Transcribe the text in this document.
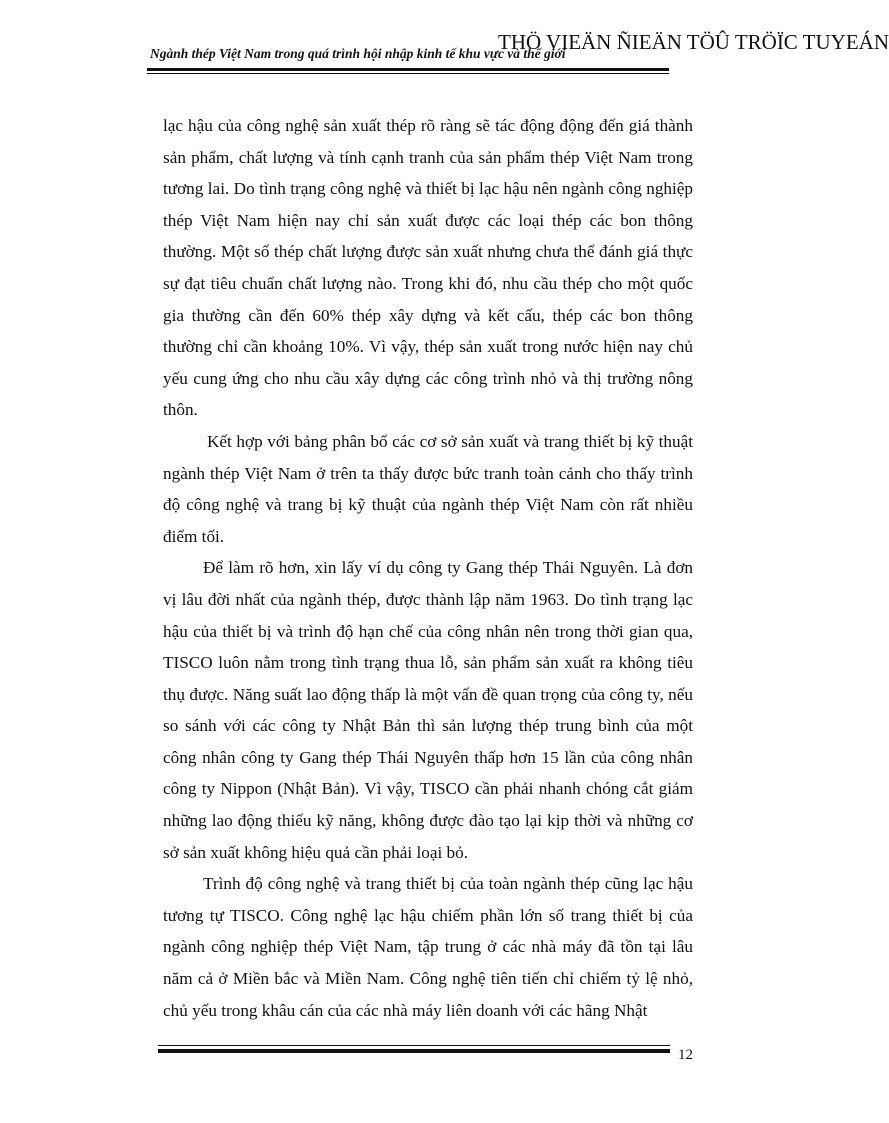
THÖ VIEÄN ÑIEÄN TÖÛ TRÖÏC TUYEÁN
Ngành thép Việt Nam trong quá trình hội nhập kinh tế khu vực và thế giới

lạc hậu của công nghệ sản xuất thép rõ ràng sẽ tác động động đến giá thành sản phẩm, chất lượng và tính cạnh tranh của sản phẩm thép Việt Nam trong tương lai. Do tình trạng công nghệ và thiết bị lạc hậu nên ngành công nghiệp thép Việt Nam hiện nay chỉ sản xuất được các loại thép các bon thông thường. Một số thép chất lượng được sản xuất nhưng chưa thể đánh giá thực sự đạt tiêu chuẩn chất lượng nào. Trong khi đó, nhu cầu thép cho một quốc gia thường cần đến 60% thép xây dựng và kết cấu, thép các bon thông thường chỉ cần khoảng 10%. Vì vậy, thép sản xuất trong nước hiện nay chủ yếu cung ứng cho nhu cầu xây dựng các công trình nhỏ và thị trường nông thôn.

Kết hợp với bảng phân bổ các cơ sở sản xuất và trang thiết bị kỹ thuật ngành thép Việt Nam ở trên ta thấy được bức tranh toàn cảnh cho thấy trình độ công nghệ và trang bị kỹ thuật của ngành thép Việt Nam còn rất nhiều điểm tối.

Để làm rõ hơn, xin lấy ví dụ công ty Gang thép Thái Nguyên. Là đơn vị lâu đời nhất của ngành thép, được thành lập năm 1963. Do tình trạng lạc hậu của thiết bị và trình độ hạn chế của công nhân nên trong thời gian qua, TISCO luôn nằm trong tình trạng thua lỗ, sản phẩm sản xuất ra không tiêu thụ được. Năng suất lao động thấp là một vấn đề quan trọng của công ty, nếu so sánh với các công ty Nhật Bản thì sản lượng thép trung bình của một công nhân công ty Gang thép Thái Nguyên thấp hơn 15 lần của công nhân công ty Nippon (Nhật Bản). Vì vậy, TISCO cần phải nhanh chóng cắt giảm những lao động thiếu kỹ năng, không được đào tạo lại kịp thời và những cơ sở sản xuất không hiệu quả cần phải loại bỏ.

Trình độ công nghệ và trang thiết bị của toàn ngành thép cũng lạc hậu tương tự TISCO. Công nghệ lạc hậu chiếm phần lớn số trang thiết bị của ngành công nghiệp thép Việt Nam, tập trung ở các nhà máy đã tồn tại lâu năm cả ở Miền bắc và Miền Nam. Công nghệ tiên tiến chỉ chiếm tỷ lệ nhỏ, chủ yếu trong khâu cán của các nhà máy liên doanh với các hãng Nhật

12
